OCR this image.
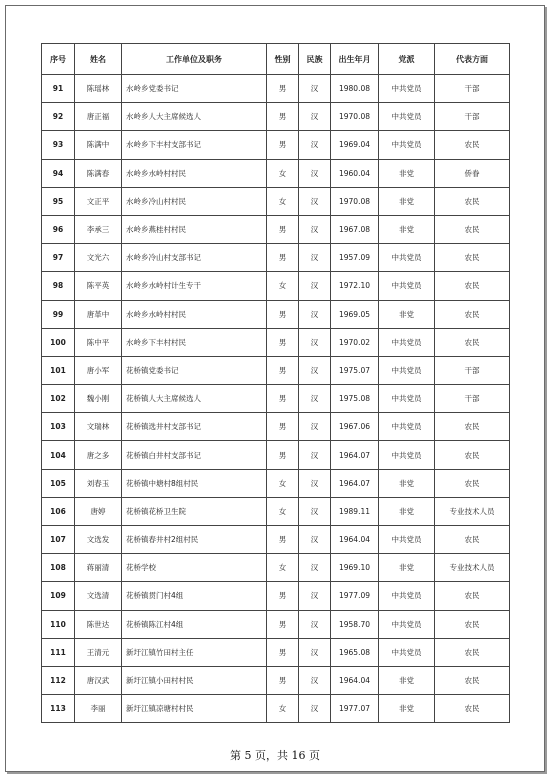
序号	姓名	工作单位及职务	性别	民族	出生年月	党派	代表方面
91	陈瑶林	水岭乡党委书记	男	汉	1980.08	中共党员	干部
92	唐正福	水岭乡人大主席候选人	男	汉	1970.08	中共党员	干部
93	陈满中	水岭乡下丰村支部书记	男	汉	1969.04	中共党员	农民
94	陈满春	水岭乡水岭村村民	女	汉	1960.04	非党	侨眷
95	文正平	水岭乡冷山村村民	女	汉	1970.08	非党	农民
96	李承三	水岭乡燕桂村村民	男	汉	1967.08	非党	农民
97	文光六	水岭乡冷山村支部书记	男	汉	1957.09	中共党员	农民
98	陈平英	水岭乡水岭村计生专干	女	汉	1972.10	中共党员	农民
99	唐革中	水岭乡水岭村村民	男	汉	1969.05	非党	农民
100	陈中平	水岭乡下丰村村民	男	汉	1970.02	中共党员	农民
101	唐小军	花桥镇党委书记	男	汉	1975.07	中共党员	干部
102	魏小刚	花桥镇人大主席候选人	男	汉	1975.08	中共党员	干部
103	文瑞林	花桥镇选井村支部书记	男	汉	1967.06	中共党员	农民
104	唐之多	花桥镇白井村支部书记	男	汉	1964.07	中共党员	农民
105	刘春玉	花桥镇中塘村8组村民	女	汉	1964.07	非党	农民
106	唐婷	花桥镇花桥卫生院	女	汉	1989.11	非党	专业技术人员
107	文选发	花桥镇春井村2组村民	男	汉	1964.04	中共党员	农民
108	蒋丽清	花桥学校	女	汉	1969.10	非党	专业技术人员
109	文选清	花桥镇贯门村4组	男	汉	1977.09	中共党员	农民
110	陈世达	花桥镇陈江村4组	男	汉	1958.70	中共党员	农民
111	王清元	新圩江镇竹田村主任	男	汉	1965.08	中共党员	农民
112	唐汉武	新圩江镇小田村村民	男	汉	1964.04	非党	农民
113	李丽	新圩江镇凉塘村村民	女	汉	1977.07	非党	农民
第 5 页，共 16 页
